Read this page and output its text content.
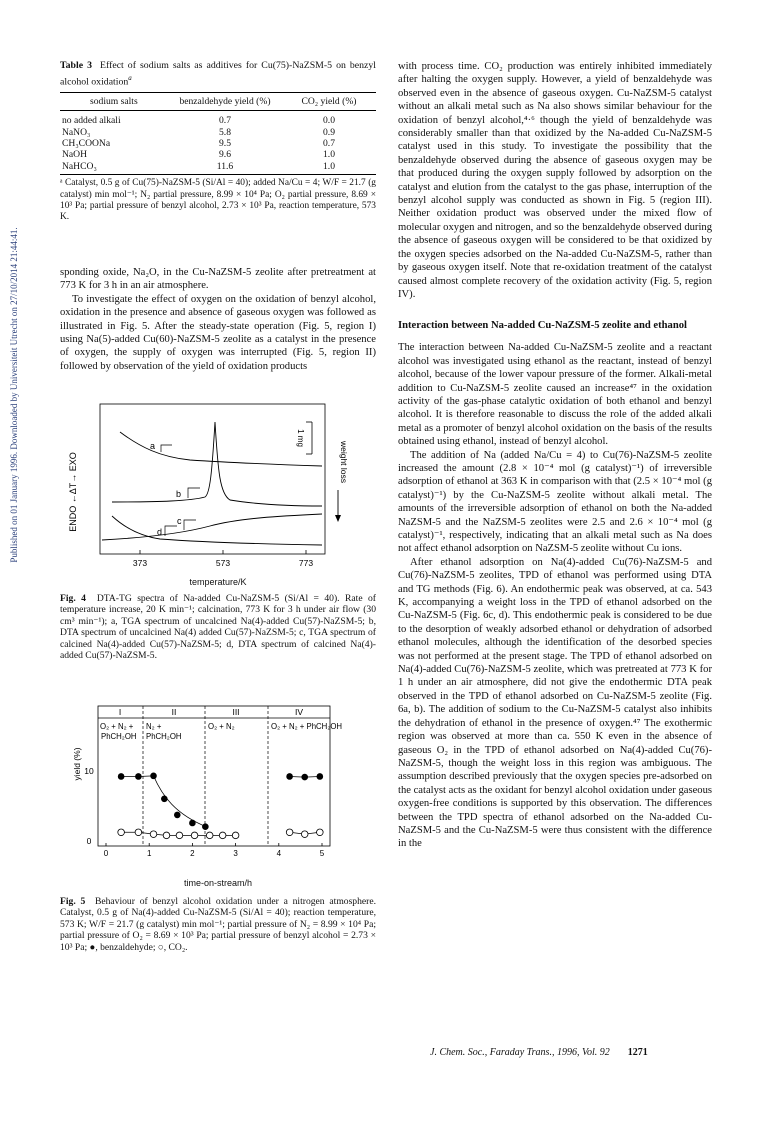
Published on 01 January 1996. Downloaded by Universiteit Utrecht on 27/10/2014 21:44:41.
Table 3 Effect of sodium salts as additives for Cu(75)-NaZSM-5 on benzyl alcohol oxidation$^a$
sodium salts	benzaldehyde yield (%)	CO₂ yield (%)
no added alkali	0.7	0.0
NaNO₃	5.8	0.9
CH₃COONa	9.5	0.7
NaOH	9.6	1.0
NaHCO₃	11.6	1.0
ᵃ Catalyst, 0.5 g of Cu(75)-NaZSM-5 (Si/Al = 40); added Na/Cu = 4; W/F = 21.7 (g catalyst) min mol⁻¹; N₂ partial pressure, 8.99 × 10⁴ Pa; O₂ partial pressure, 8.69 × 10³ Pa; partial pressure of benzyl alcohol, 2.73 × 10³ Pa, reaction temperature, 573 K.

sponding oxide, Na₂O, in the Cu-NaZSM-5 zeolite after pretreatment at 773 K for 3 h in an air atmosphere.

To investigate the effect of oxygen on the oxidation of benzyl alcohol, oxidation in the presence and absence of gaseous oxygen was followed as illustrated in Fig. 5. After the steady-state operation (Fig. 5, region I) using Na(5)-added Cu(60)-NaZSM-5 zeolite as a catalyst in the presence of oxygen, the supply of oxygen was interrupted (Fig. 5, region II) followed by observation of the yield of oxidation products

ENDO ←ΔT→ EXO
a
b
c
d
1 mg
weight loss
373	573	773
temperature/K
Fig. 4 DTA-TG spectra of Na-added Cu-NaZSM-5 (Si/Al = 40). Rate of temperature increase, 20 K min⁻¹; calcination, 773 K for 3 h under air flow (30 cm³ min⁻¹); a, TGA spectrum of uncalcined Na(4)-added Cu(57)-NaZSM-5; b, DTA spectrum of uncalcined Na(4) added Cu(57)-NaZSM-5; c, TGA spectrum of calcined Na(4)-added Cu(57)-NaZSM-5; d, DTA spectrum of calcined Na(4)-added Cu(57)-NaZSM-5.
I	II	III	IV
O₂ + N₂ +
PhCH₂OH
N₂ +
PhCH₂OH
O₂ + N₂	O₂ + N₂ + PhCH₂OH
yield (%) 10
0
0	1	2	3	4	5
time-on-stream/h
Fig. 5 Behaviour of benzyl alcohol oxidation under a nitrogen atmosphere. Catalyst, 0.5 g of Na(4)-added Cu-NaZSM-5 (Si/Al = 40); reaction temperature, 573 K; W/F = 21.7 (g catalyst) min mol⁻¹; partial pressure of N₂ = 8.99 × 10⁴ Pa; partial pressure of O₂ = 8.69 × 10³ Pa; partial pressure of benzyl alcohol = 2.73 × 10³ Pa; ●, benzaldehyde; ○, CO₂.

with process time. CO₂ production was entirely inhibited immediately after halting the oxygen supply. However, a yield of benzaldehyde was observed even in the absence of gaseous oxygen. Cu-NaZSM-5 catalyst without an alkali metal such as Na also shows similar behaviour for the oxidation of benzyl alcohol,⁴·⁶ though the yield of benzaldehyde was considerably smaller than that oxidized by the Na-added Cu-NaZSM-5 catalyst used in this study. To investigate the possibility that the benzaldehyde observed during the absence of gaseous oxygen may be that produced during the oxygen supply followed by adsorption on the catalyst and elution from the catalyst to the gas phase, interruption of the benzyl alcohol supply was conducted as shown in Fig. 5 (region III). Neither oxidation product was observed under the mixed flow of molecular oxygen and nitrogen, and so the benzaldehyde observed during the absence of gaseous oxygen will be considered to be that oxidized by the oxygen species adsorbed on the Na-added Cu-NaZSM-5, rather than by gaseous oxygen itself. Note that re-oxidation treatment of the catalyst caused almost complete recovery of the oxidation activity (Fig. 5, region IV).

Interaction between Na-added Cu-NaZSM-5 zeolite and ethanol

The interaction between Na-added Cu-NaZSM-5 zeolite and a reactant alcohol was investigated using ethanol as the reactant, instead of benzyl alcohol, because of the lower vapour pressure of the former. Alkali-metal addition to Cu-NaZSM-5 zeolite caused an increase⁴⁷ in the oxidation activity of the gas-phase catalytic oxidation of both ethanol and benzyl alcohol. It is therefore reasonable to discuss the role of the added alkali metal as a promoter of benzyl alcohol oxidation on the basis of the results obtained using ethanol, instead of benzyl alcohol.

The addition of Na (added Na/Cu = 4) to Cu(76)-NaZSM-5 zeolite increased the amount (2.8 × 10⁻⁴ mol (g catalyst)⁻¹) of irreversible adsorption of ethanol at 363 K in comparison with that (2.5 × 10⁻⁴ mol (g catalyst)⁻¹) by the Cu-NaZSM-5 zeolite without alkali metal. The amounts of the irreversible adsorption of ethanol on both the Na-added NaZSM-5 and the NaZSM-5 zeolites were 2.5 and 2.6 × 10⁻⁴ mol (g catalyst)⁻¹, respectively, indicating that an alkali metal such as Na does not affect ethanol adsorption on NaZSM-5 zeolite without Cu ions.

After ethanol adsorption on Na(4)-added Cu(76)-NaZSM-5 and Cu(76)-NaZSM-5 zeolites, TPD of ethanol was performed using DTA and TG methods (Fig. 6). An endothermic peak was observed, at ca. 543 K, accompanying a weight loss in the TPD of ethanol adsorbed on the Cu-NaZSM-5 (Fig. 6c, d). This endothermic peak is considered to be due to the desorption of weakly adsorbed ethanol or dehydration of adsorbed ethanol molecules, although the identification of the desorbed species was not performed at the present stage. The TPD of ethanol adsorbed on Na(4)-added Cu(76)-NaZSM-5 zeolite, which was pretreated at 773 K for 1 h under an air atmosphere, did not give the endothermic DTA peak observed in the TPD of ethanol adsorbed on Cu-NaZSM-5 zeolite (Fig. 6a, b). The addition of sodium to the Cu-NaZSM-5 catalyst also inhibits the dehydration of ethanol in the presence of oxygen.⁴⁷ The exothermic region was observed at more than ca. 550 K even in the absence of gaseous O₂ in the TPD of ethanol adsorbed on Na(4)-added Cu(76)-NaZSM-5, though the weight loss in this region was ambiguous. The assumption described previously that the oxygen species pre-adsorbed on the catalyst acts as the oxidant for benzyl alcohol oxidation under gaseous oxygen-free conditions is supported by this observation. The differences between the TPD spectra of ethanol adsorbed on the Na-added Cu-NaZSM-5 and the Cu-NaZSM-5 were thus consistent with the difference in the

J. Chem. Soc., Faraday Trans., 1996, Vol. 92 1271
